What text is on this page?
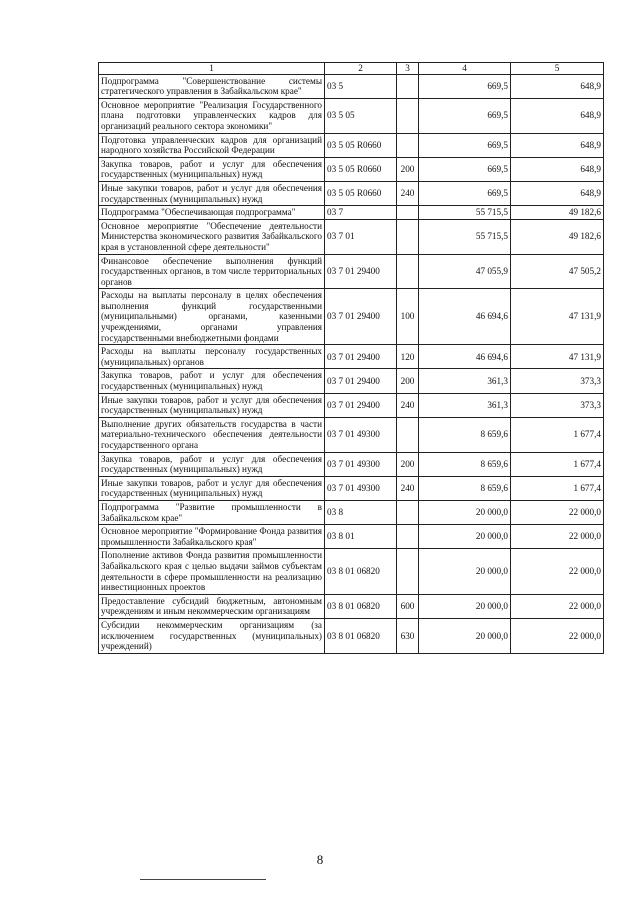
1	2	3	4	5
Подпрограмма "Совершенствование системы стратегического управления в Забайкальском крае"	03 5		669,5	648,9
Основное мероприятие "Реализация Государственного плана подготовки управленческих кадров для организаций реального сектора экономики"	03 5 05		669,5	648,9
Подготовка управленческих кадров для организаций народного хозяйства Российской Федерации	03 5 05 R0660		669,5	648,9
Закупка товаров, работ и услуг для обеспечения государственных (муниципальных) нужд	03 5 05 R0660	200	669,5	648,9
Иные закупки товаров, работ и услуг для обеспечения государственных (муниципальных) нужд	03 5 05 R0660	240	669,5	648,9
Подпрограмма "Обеспечивающая подпрограмма"	03 7		55 715,5	49 182,6
Основное мероприятие "Обеспечение деятельности Министерства экономического развития Забайкальского края в установленной сфере деятельности"	03 7 01		55 715,5	49 182,6
Финансовое обеспечение выполнения функций государственных органов, в том числе территориальных органов	03 7 01 29400		47 055,9	47 505,2
Расходы на выплаты персоналу в целях обеспечения выполнения функций государственными (муниципальными) органами, казенными учреждениями, органами управления государственными внебюджетными фондами	03 7 01 29400	100	46 694,6	47 131,9
Расходы на выплаты персоналу государственных (муниципальных) органов	03 7 01 29400	120	46 694,6	47 131,9
Закупка товаров, работ и услуг для обеспечения государственных (муниципальных) нужд	03 7 01 29400	200	361,3	373,3
Иные закупки товаров, работ и услуг для обеспечения государственных (муниципальных) нужд	03 7 01 29400	240	361,3	373,3
Выполнение других обязательств государства в части материально-технического обеспечения деятельности государственного органа	03 7 01 49300		8 659,6	1 677,4
Закупка товаров, работ и услуг для обеспечения государственных (муниципальных) нужд	03 7 01 49300	200	8 659,6	1 677,4
Иные закупки товаров, работ и услуг для обеспечения государственных (муниципальных) нужд	03 7 01 49300	240	8 659,6	1 677,4
Подпрограмма "Развитие промышленности в Забайкальском крае"	03 8		20 000,0	22 000,0
Основное мероприятие "Формирование Фонда развития промышленности Забайкальского края"	03 8 01		20 000,0	22 000,0
Пополнение активов Фонда развития промышленности Забайкальского края с целью выдачи займов субъектам деятельности в сфере промышленности на реализацию инвестиционных проектов	03 8 01 06820		20 000,0	22 000,0
Предоставление субсидий бюджетным, автономным учреждениям и иным некоммерческим организациям	03 8 01 06820	600	20 000,0	22 000,0
Субсидии некоммерческим организациям (за исключением государственных (муниципальных) учреждений)	03 8 01 06820	630	20 000,0	22 000,0
8
